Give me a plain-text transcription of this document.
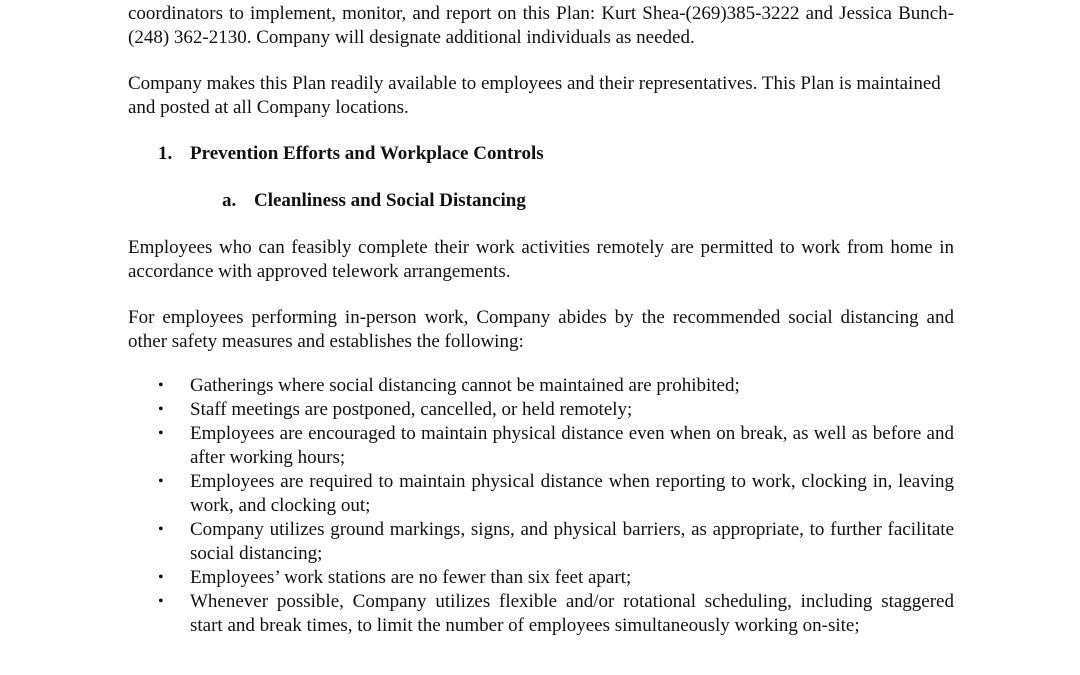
coordinators to implement, monitor, and report on this Plan: Kurt Shea-(269)385-3222 and Jessica Bunch-(248) 362-2130. Company will designate additional individuals as needed.

Company makes this Plan readily available to employees and their representatives. This Plan is maintained and posted at all Company locations.

1. Prevention Efforts and Workplace Controls

a. Cleanliness and Social Distancing

Employees who can feasibly complete their work activities remotely are permitted to work from home in accordance with approved telework arrangements.

For employees performing in-person work, Company abides by the recommended social distancing and other safety measures and establishes the following:

•	Gatherings where social distancing cannot be maintained are prohibited;
•	Staff meetings are postponed, cancelled, or held remotely;
•	Employees are encouraged to maintain physical distance even when on break, as well as before and after working hours;
•	Employees are required to maintain physical distance when reporting to work, clocking in, leaving work, and clocking out;
•	Company utilizes ground markings, signs, and physical barriers, as appropriate, to further facilitate social distancing;
•	Employees’ work stations are no fewer than six feet apart;
•	Whenever possible, Company utilizes flexible and/or rotational scheduling, including staggered start and break times, to limit the number of employees simultaneously working on-site;
